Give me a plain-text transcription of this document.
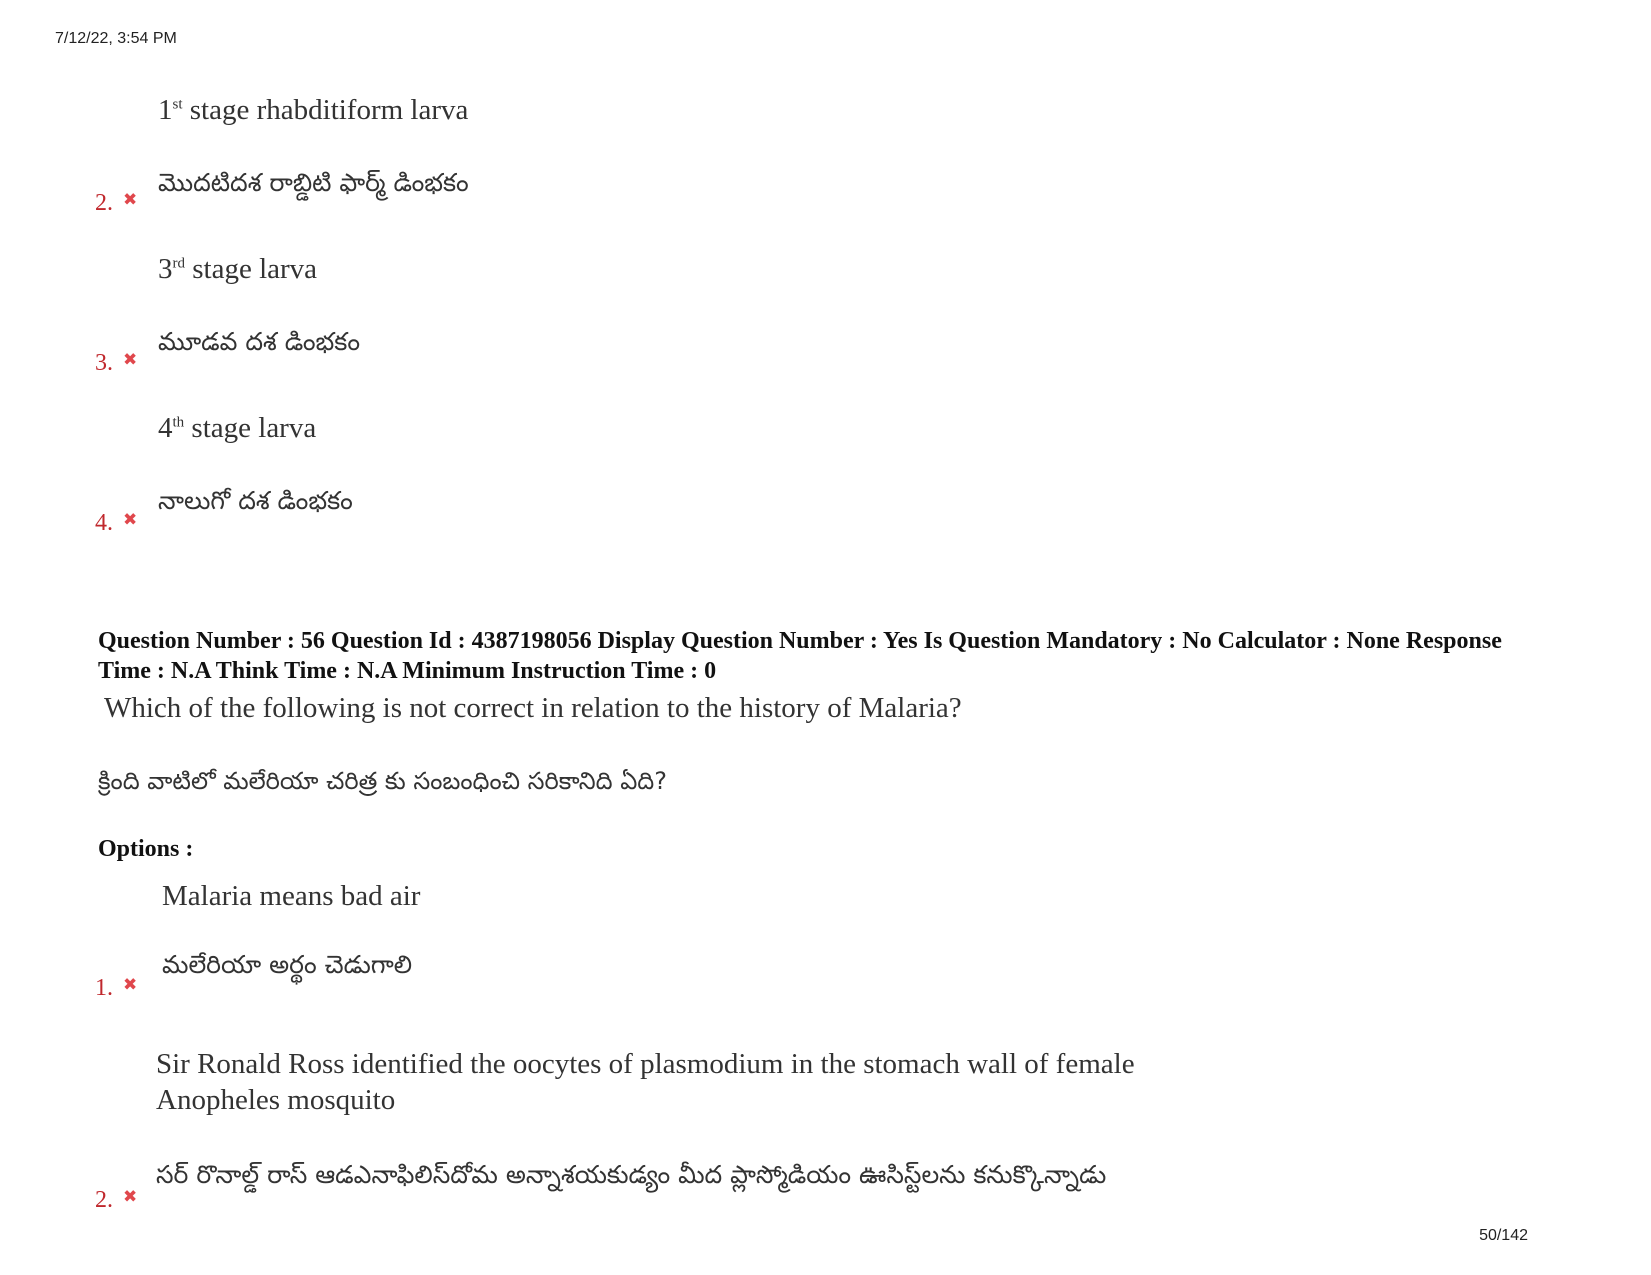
7/12/22, 3:54 PM
1st stage rhabditiform larva
మొదటిదశ రాబ్డిటి ఫార్మ్ డింభకం
2. ✖
3rd stage larva
మూడవ దశ డింభకం
3. ✖
4th stage larva
నాలుగో దశ డింభకం
4. ✖
Question Number : 56 Question Id : 4387198056 Display Question Number : Yes Is Question Mandatory : No Calculator : None Response
Time : N.A Think Time : N.A Minimum Instruction Time : 0
Which of the following is not correct in relation to the history of Malaria?
క్రింది వాటిలో మలేరియా చరిత్ర కు సంబంధించి సరికానిది ఏది?
Options :
Malaria means bad air
మలేరియా అర్థం చెడుగాలి
1. ✖
Sir Ronald Ross identified the oocytes of plasmodium in the stomach wall of female
Anopheles mosquito
సర్ రొనాల్డ్ రాస్ ఆడఎనాఫిలిస్‌దోమ అన్నాశయకుడ్యం మీద ప్లాస్మోడియం ఊసిస్ట్‌లను కనుక్కొన్నాడు
2. ✖
50/142
